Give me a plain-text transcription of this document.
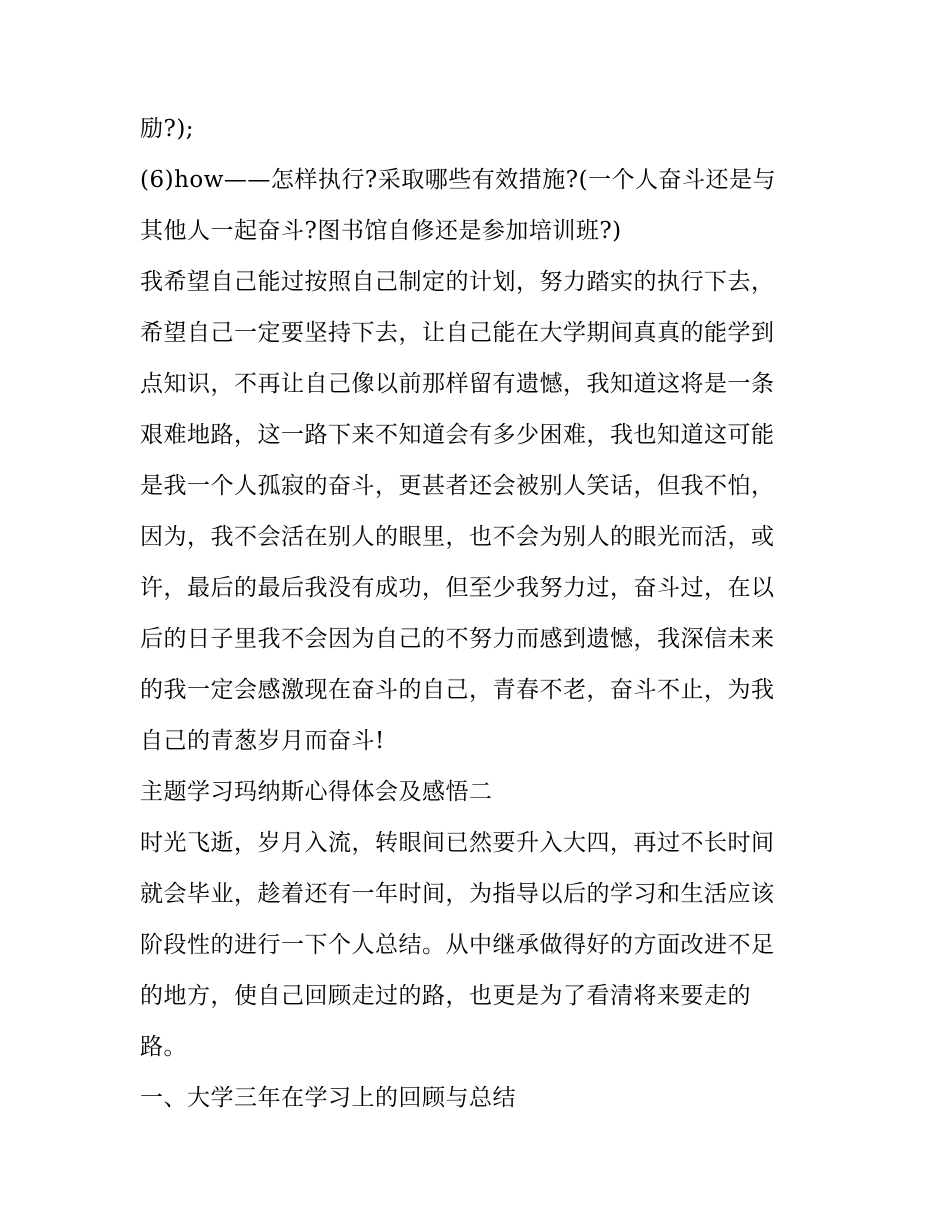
励?);
(6)how——怎样执行?采取哪些有效措施?(一个人奋斗还是与
其他人一起奋斗?图书馆自修还是参加培训班?)
我希望自己能过按照自己制定的计划，努力踏实的执行下去，
希望自己一定要坚持下去，让自己能在大学期间真真的能学到
点知识，不再让自己像以前那样留有遗憾，我知道这将是一条
艰难地路，这一路下来不知道会有多少困难，我也知道这可能
是我一个人孤寂的奋斗，更甚者还会被别人笑话，但我不怕，
因为，我不会活在别人的眼里，也不会为别人的眼光而活，或
许，最后的最后我没有成功，但至少我努力过，奋斗过，在以
后的日子里我不会因为自己的不努力而感到遗憾，我深信未来
的我一定会感激现在奋斗的自己，青春不老，奋斗不止，为我
自己的青葱岁月而奋斗!
主题学习玛纳斯心得体会及感悟二
时光飞逝，岁月入流，转眼间已然要升入大四，再过不长时间
就会毕业，趁着还有一年时间，为指导以后的学习和生活应该
阶段性的进行一下个人总结。从中继承做得好的方面改进不足
的地方，使自己回顾走过的路，也更是为了看清将来要走的
路。
一、大学三年在学习上的回顾与总结
